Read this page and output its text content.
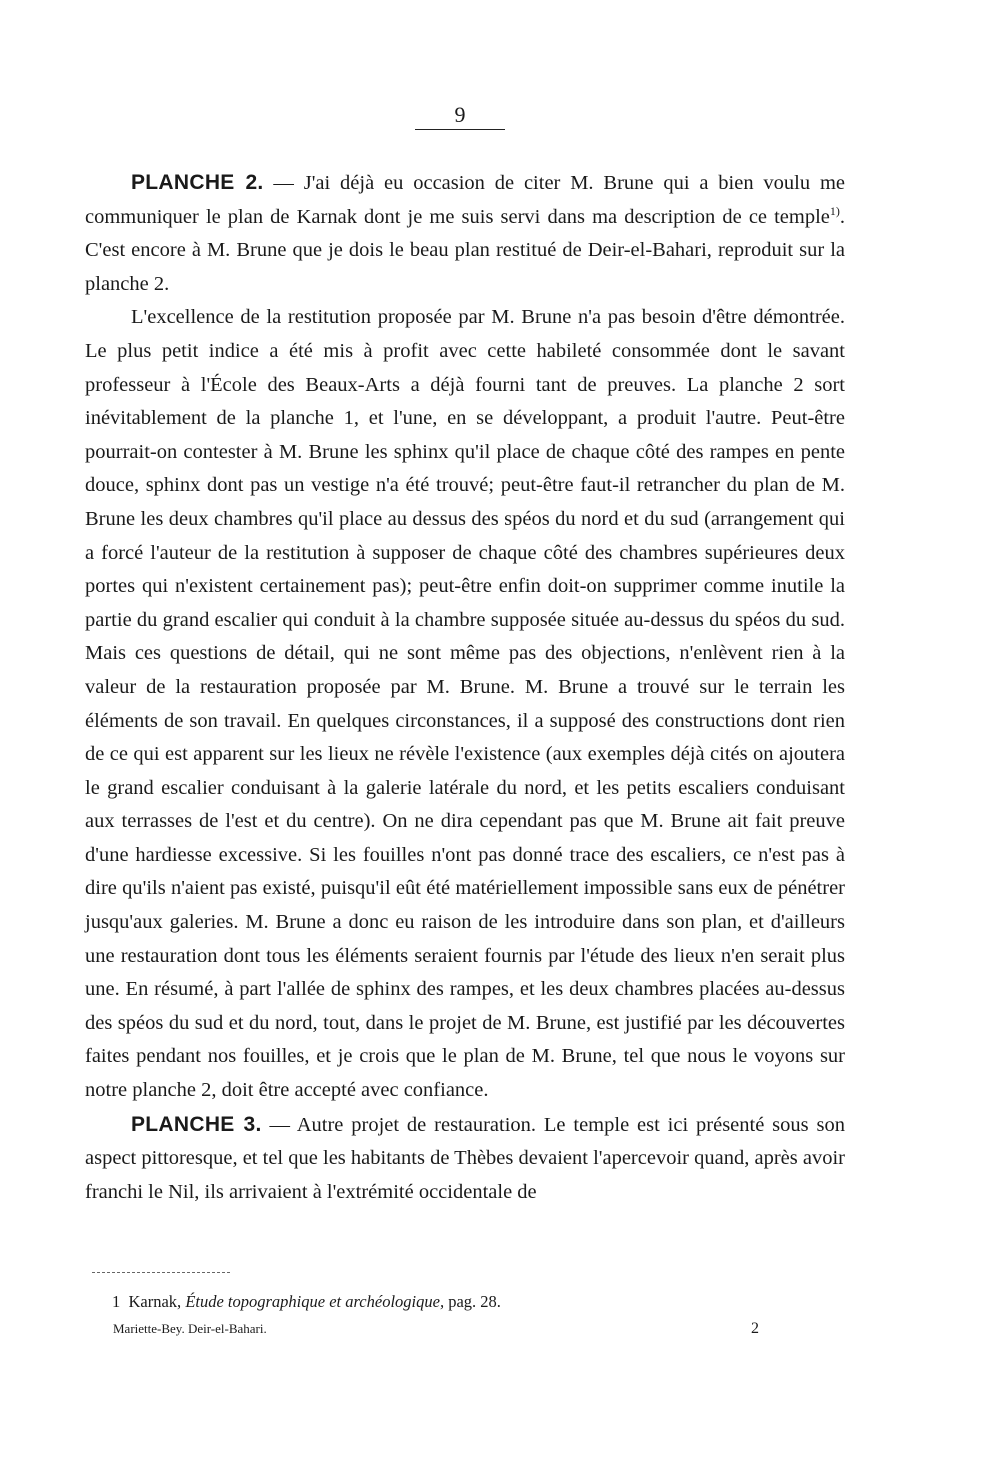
9

PLANCHE 2. — J'ai déjà eu occasion de citer M. Brune qui a bien voulu me communiquer le plan de Karnak dont je me suis servi dans ma description de ce temple$^{1)}$. C'est encore à M. Brune que je dois le beau plan restitué de Deir-el-Bahari, reproduit sur la planche 2.

L'excellence de la restitution proposée par M. Brune n'a pas besoin d'être démontrée. Le plus petit indice a été mis à profit avec cette habileté consommée dont le savant professeur à l'École des Beaux-Arts a déjà fourni tant de preuves. La planche 2 sort inévitablement de la planche 1, et l'une, en se développant, a produit l'autre. Peut-être pourrait-on contester à M. Brune les sphinx qu'il place de chaque côté des rampes en pente douce, sphinx dont pas un vestige n'a été trouvé; peut-être faut-il retrancher du plan de M. Brune les deux chambres qu'il place au dessus des spéos du nord et du sud (arrangement qui a forcé l'auteur de la restitution à supposer de chaque côté des chambres supérieures deux portes qui n'existent certainement pas); peut-être enfin doit-on supprimer comme inutile la partie du grand escalier qui conduit à la chambre supposée située au-dessus du spéos du sud. Mais ces questions de détail, qui ne sont même pas des objections, n'enlèvent rien à la valeur de la restauration proposée par M. Brune. M. Brune a trouvé sur le terrain les éléments de son travail. En quelques circonstances, il a supposé des constructions dont rien de ce qui est apparent sur les lieux ne révèle l'existence (aux exemples déjà cités on ajoutera le grand escalier conduisant à la galerie latérale du nord, et les petits escaliers conduisant aux terrasses de l'est et du centre). On ne dira cependant pas que M. Brune ait fait preuve d'une hardiesse excessive. Si les fouilles n'ont pas donné trace des escaliers, ce n'est pas à dire qu'ils n'aient pas existé, puisqu'il eût été matériellement impossible sans eux de pénétrer jusqu'aux galeries. M. Brune a donc eu raison de les introduire dans son plan, et d'ailleurs une restauration dont tous les éléments seraient fournis par l'étude des lieux n'en serait plus une. En résumé, à part l'allée de sphinx des rampes, et les deux chambres placées au-dessus des spéos du sud et du nord, tout, dans le projet de M. Brune, est justifié par les découvertes faites pendant nos fouilles, et je crois que le plan de M. Brune, tel que nous le voyons sur notre planche 2, doit être accepté avec confiance.

PLANCHE 3. — Autre projet de restauration. Le temple est ici présenté sous son aspect pittoresque, et tel que les habitants de Thèbes devaient l'apercevoir quand, après avoir franchi le Nil, ils arrivaient à l'extrémité occidentale de

1 Karnak, Étude topographique et archéologique, pag. 28.
Mariette-Bey. Deir-el-Bahari.	2
